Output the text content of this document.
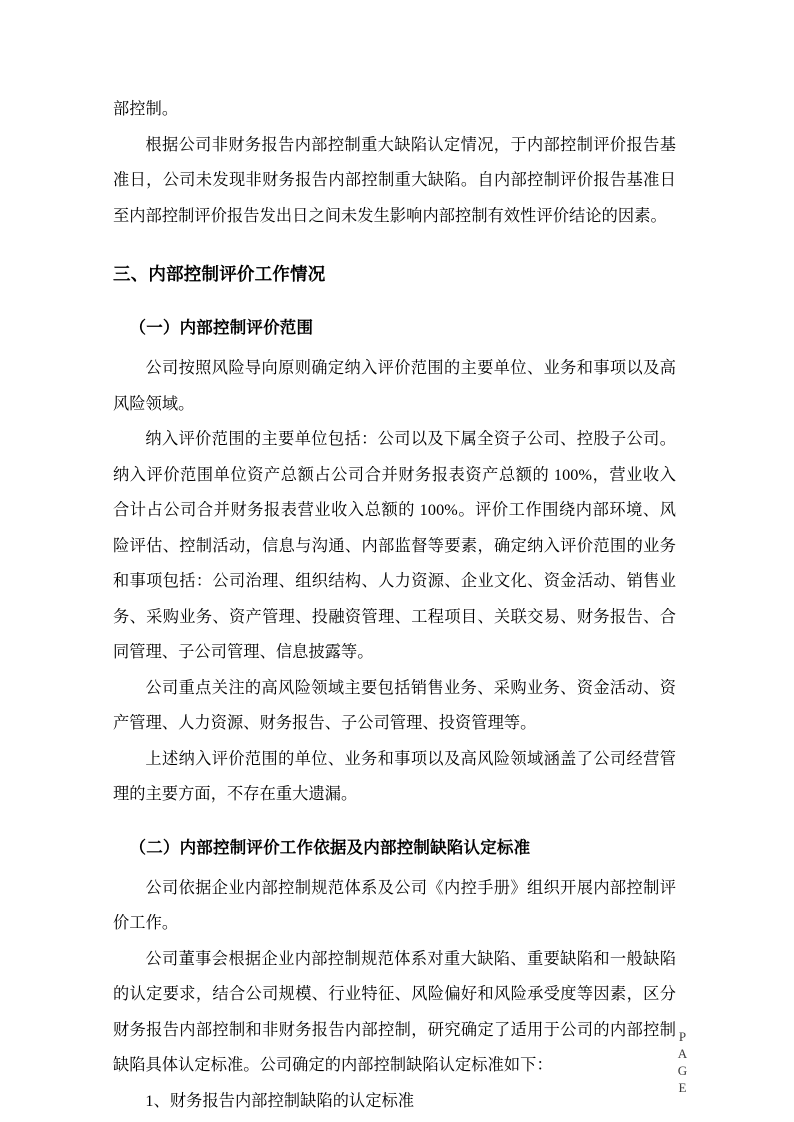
部控制。

根据公司非财务报告内部控制重大缺陷认定情况，于内部控制评价报告基准日，公司未发现非财务报告内部控制重大缺陷。自内部控制评价报告基准日至内部控制评价报告发出日之间未发生影响内部控制有效性评价结论的因素。

三、内部控制评价工作情况
（一）内部控制评价范围

公司按照风险导向原则确定纳入评价范围的主要单位、业务和事项以及高风险领域。

纳入评价范围的主要单位包括：公司以及下属全资子公司、控股子公司。纳入评价范围单位资产总额占公司合并财务报表资产总额的 100%，营业收入合计占公司合并财务报表营业收入总额的 100%。评价工作围绕内部环境、风险评估、控制活动，信息与沟通、内部监督等要素，确定纳入评价范围的业务和事项包括：公司治理、组织结构、人力资源、企业文化、资金活动、销售业务、采购业务、资产管理、投融资管理、工程项目、关联交易、财务报告、合同管理、子公司管理、信息披露等。

公司重点关注的高风险领域主要包括销售业务、采购业务、资金活动、资产管理、人力资源、财务报告、子公司管理、投资管理等。

上述纳入评价范围的单位、业务和事项以及高风险领域涵盖了公司经营管理的主要方面，不存在重大遗漏。

（二）内部控制评价工作依据及内部控制缺陷认定标准

公司依据企业内部控制规范体系及公司《内控手册》组织开展内部控制评价工作。

公司董事会根据企业内部控制规范体系对重大缺陷、重要缺陷和一般缺陷的认定要求，结合公司规模、行业特征、风险偏好和风险承受度等因素，区分财务报告内部控制和非财务报告内部控制，研究确定了适用于公司的内部控制缺陷具体认定标准。公司确定的内部控制缺陷认定标准如下：

1、财务报告内部控制缺陷的认定标准

P
A
G
E
